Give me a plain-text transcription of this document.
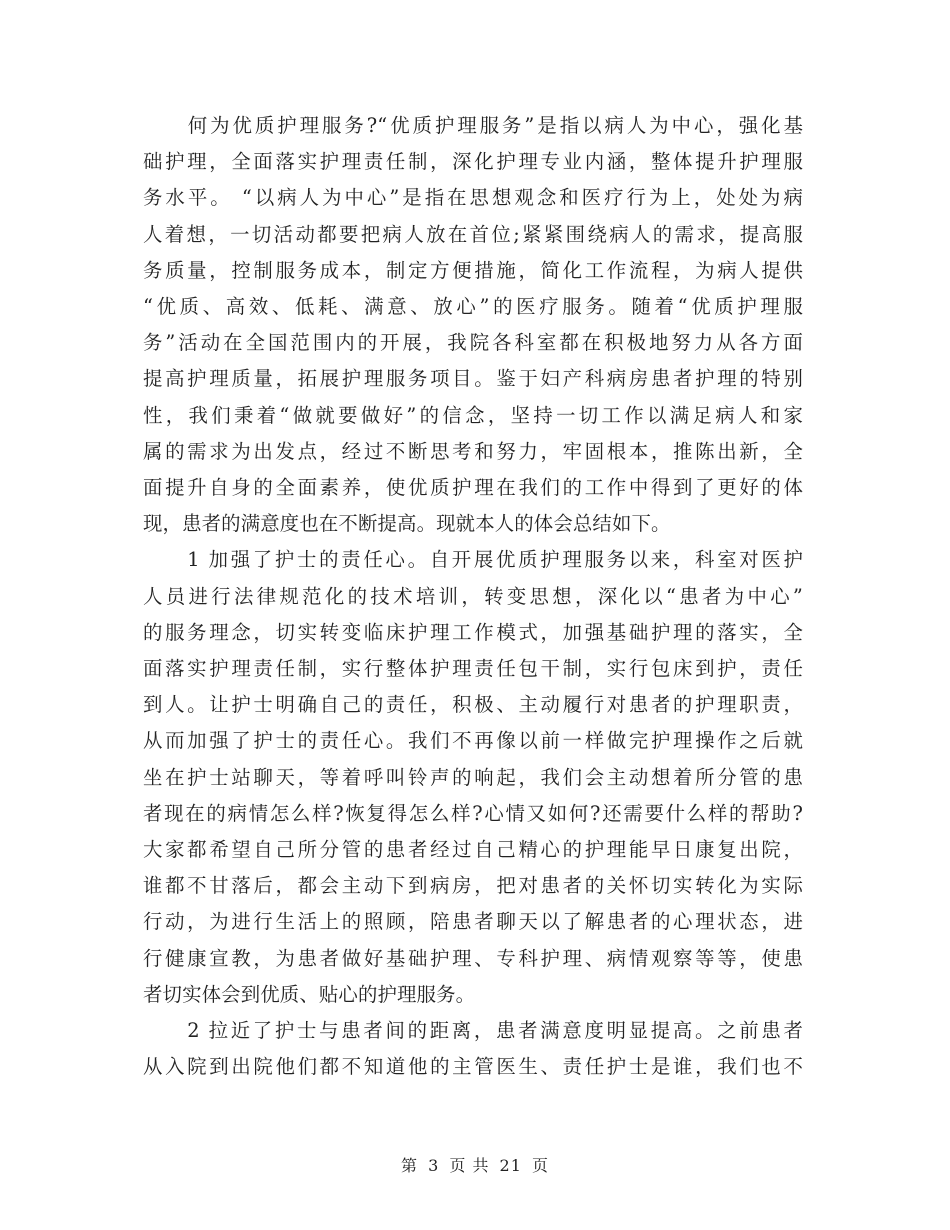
　　何为优质护理服务?“优质护理服务”是指以病人为中心，强化基
础护理，全面落实护理责任制，深化护理专业内涵，整体提升护理服
务水平。 “以病人为中心”是指在思想观念和医疗行为上，处处为病
人着想，一切活动都要把病人放在首位;紧紧围绕病人的需求，提高服
务质量，控制服务成本，制定方便措施，简化工作流程，为病人提供
“优质、高效、低耗、满意、放心”的医疗服务。随着“优质护理服
务”活动在全国范围内的开展，我院各科室都在积极地努力从各方面
提高护理质量，拓展护理服务项目。鉴于妇产科病房患者护理的特别
性，我们秉着“做就要做好”的信念，坚持一切工作以满足病人和家
属的需求为出发点，经过不断思考和努力，牢固根本，推陈出新，全
面提升自身的全面素养，使优质护理在我们的工作中得到了更好的体
现，患者的满意度也在不断提高。现就本人的体会总结如下。

　　1 加强了护士的责任心。自开展优质护理服务以来，科室对医护
人员进行法律规范化的技术培训，转变思想，深化以“患者为中心”
的服务理念，切实转变临床护理工作模式，加强基础护理的落实，全
面落实护理责任制，实行整体护理责任包干制，实行包床到护，责任
到人。让护士明确自己的责任，积极、主动履行对患者的护理职责，
从而加强了护士的责任心。我们不再像以前一样做完护理操作之后就
坐在护士站聊天，等着呼叫铃声的响起，我们会主动想着所分管的患
者现在的病情怎么样?恢复得怎么样?心情又如何?还需要什么样的帮助?
大家都希望自己所分管的患者经过自己精心的护理能早日康复出院，
谁都不甘落后，都会主动下到病房，把对患者的关怀切实转化为实际
行动，为进行生活上的照顾，陪患者聊天以了解患者的心理状态，进
行健康宣教，为患者做好基础护理、专科护理、病情观察等等，使患
者切实体会到优质、贴心的护理服务。

　　2 拉近了护士与患者间的距离，患者满意度明显提高。之前患者
从入院到出院他们都不知道他的主管医生、责任护士是谁，我们也不

第 3 页 共 21 页
